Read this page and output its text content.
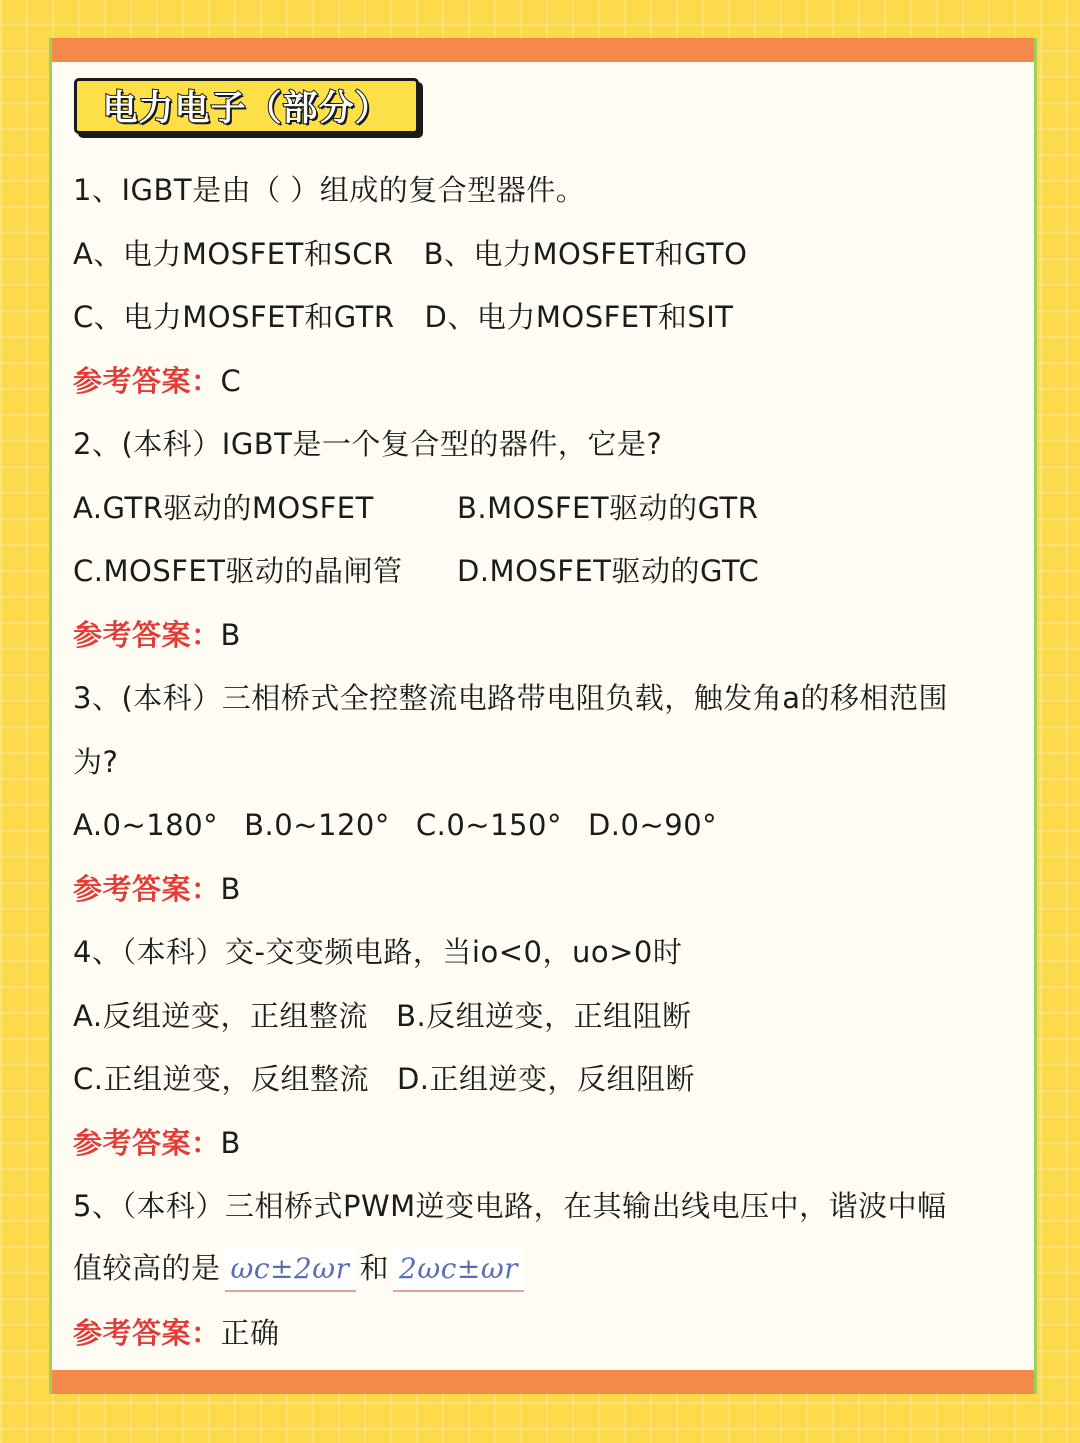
电力电子（部分）
1、IGBT是由（ ）组成的复合型器件。
A、电力MOSFET和SCR B、电力MOSFET和GTO
C、电力MOSFET和GTR D、电力MOSFET和SIT
参考答案：C
2、(本科）IGBT是一个复合型的器件，它是?
A.GTR驱动的MOSFET	B.MOSFET驱动的GTR
C.MOSFET驱动的晶闸管 D.MOSFET驱动的GTC
参考答案：B
3、(本科）三相桥式全控整流电路带电阻负载，触发角a的移相范围
为?
A.0~180° B.0~120° C.0~150° D.0~90°
参考答案：B
4、（本科）交-交变频电路，当io<0，uo>0时
A.反组逆变，正组整流 B.反组逆变，正组阻断
C.正组逆变，反组整流 D.正组逆变，反组阻断
参考答案：B
5、（本科）三相桥式PWM逆变电路，在其输出线电压中，谐波中幅
值较高的是 ωc±2ωr 和 2ωc±ωr
参考答案：正确
